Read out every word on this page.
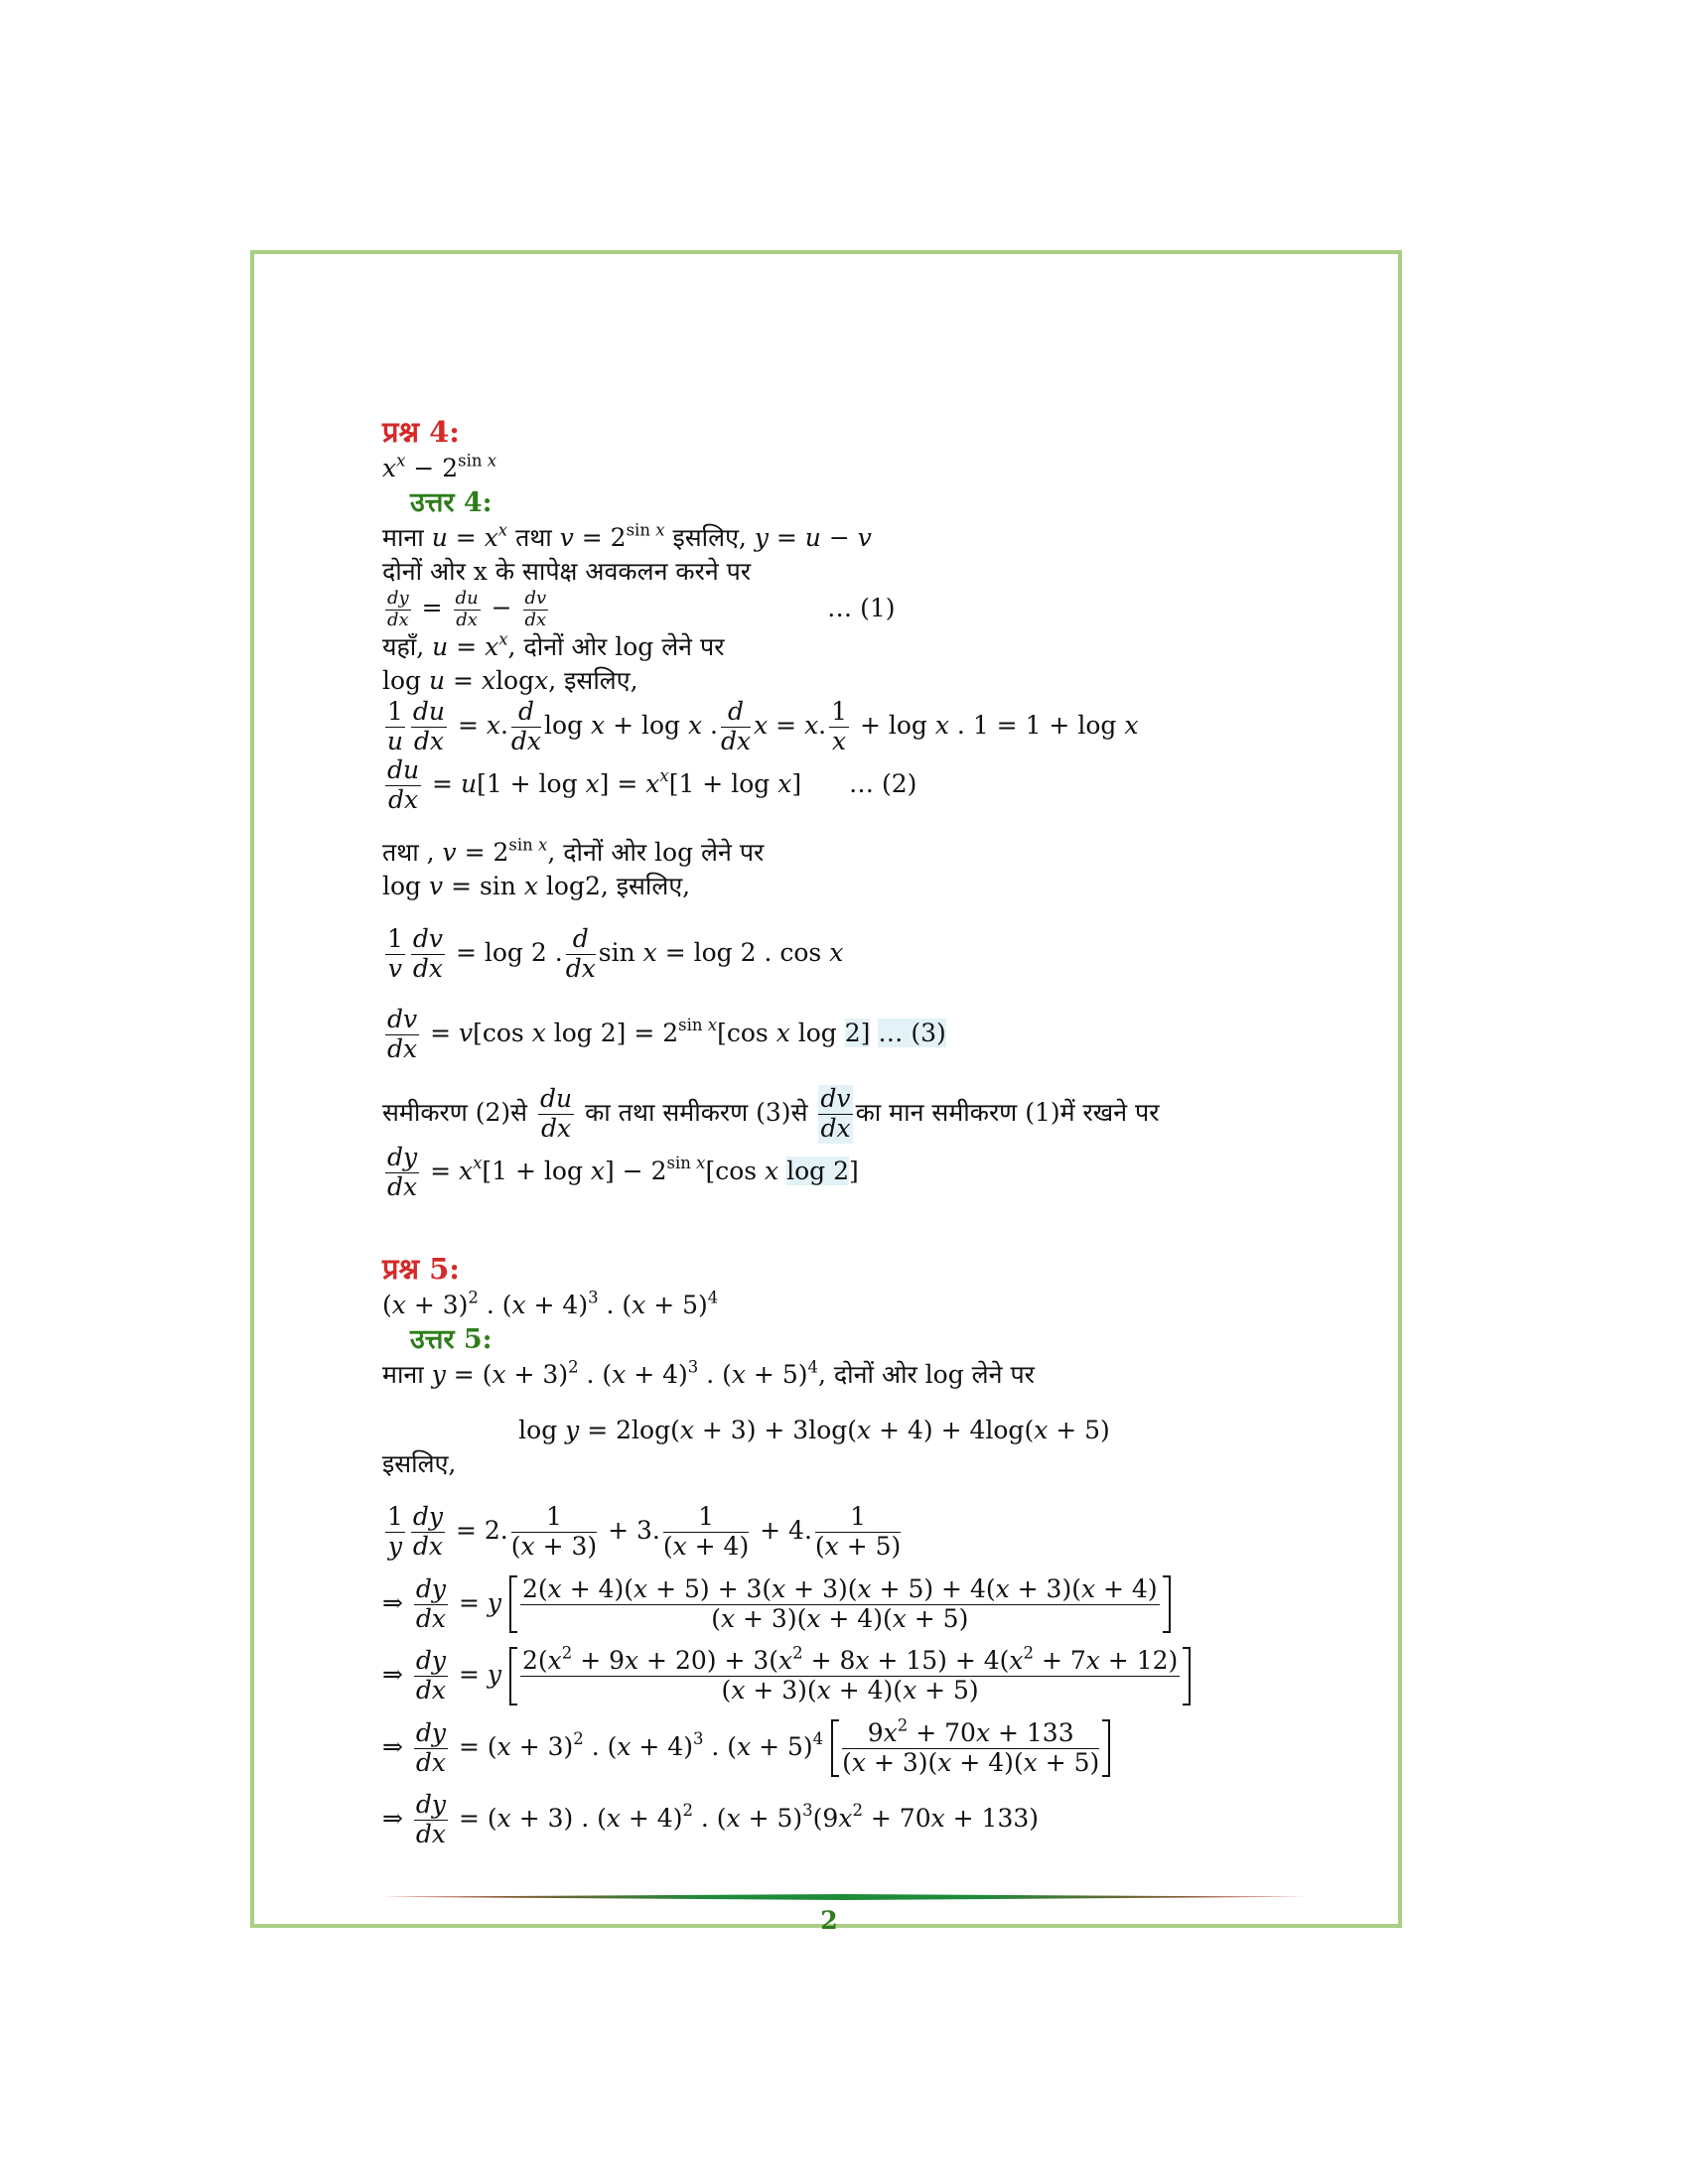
प्रश्न 4:
$x^x - 2^{sin x}$
उत्तर 4:
माना $u = x^x$ तथा $v = 2^{sin x}$ इसलिए, y = u − v
दोनों ओर x के सापेक्ष अवकलन करने पर
$\frac{dy}{dx} = \frac{du}{dx} - \frac{dv}{dx}$	… (1)
यहाँ, $u = x^x$, दोनों ओर log लेने पर
log u = xlogx, इसलिए,
$\frac{1}{u} \frac{du}{dx} = x$. $\frac{d}{dx}$ log x + log x . $\frac{d}{dx}$ x = x. $\frac{1}{x} + \log x$ . 1 = 1 + log x
$\frac{du}{dx} = u[1 + \log x] = x^x[1 + \log x]$ … (2)
तथा , $v = 2^{sin x}$, दोनों ओर log लेने पर
log v = sin x log2, इसलिए,
$\frac{1}{v} \frac{dv}{dx} = \log 2$ . $\frac{d}{dx}$ sin x = log 2 . cos x
$\frac{dv}{dx} = v[\cos$ x $\log 2] = 2^{sin x}[\cos$ x log 2] … (3)
समीकरण (2)से $\frac{du}{dx}$ का तथा समीकरण (3)से $\frac{dv}{dx}$ का मान समीकरण (1)में रखने पर
$\frac{dy}{dx} = x^x[1 + \log x] - 2^{sin x}[\cos$ x log 2]
प्रश्न 5:
$(x + 3)^2$ . $(x + 4)^3$ . $(x + 5)^4$
उत्तर 5:
माना $y = (x + 3)^2$ . $(x + 4)^3$ . $(x + 5)^4$, दोनों ओर log लेने पर
log y = 2log(x + 3) + 3log(x + 4) + 4log(x + 5)
इसलिए,
$\frac{1}{y} \frac{dy}{dx} = 2$. $\frac{1}{(x + 3)} + 3$. $\frac{1}{(x + 4)} + 4$. $\frac{1}{(x + 5)}$
⇒ $\frac{dy}{dx} = y \frac{2(x + 4)(x + 5) + 3(x + 3)(x + 5) + 4(x + 3)(x + 4)}{(x + 3)(x + 4)(x + 5)}$
⇒ $\frac{dy}{dx} = y \frac{2(x^2 + 9x + 20) + 3(x^2 + 8x + 15) + 4(x^2 + 7x + 12)}{(x + 3)(x + 4)(x + 5)}$
⇒ $\frac{dy}{dx} = (x + 3)^2$ . $(x + 4)^3$ . $(x + 5)^4 \frac{9x^2 + 70x + 133}{(x + 3)(x + 4)(x + 5)}$
⇒ $\frac{dy}{dx} = (x + 3)$ . $(x + 4)^2$ . $(x + 5)^3(9x^2 + 70x + 133)$
2
